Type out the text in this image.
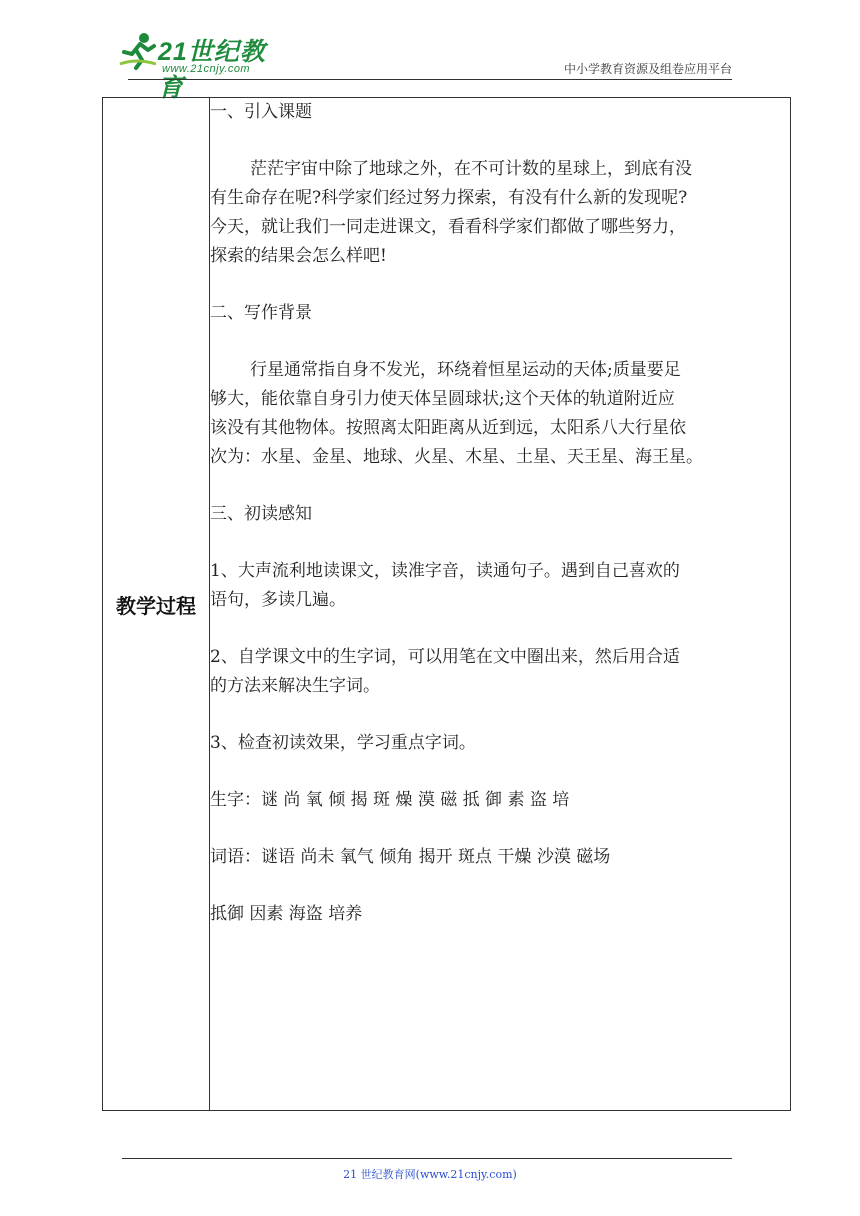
21世纪教育
www.21cnjy.com	中小学教育资源及组卷应用平台
教学过程	
一、引入课题
茫茫宇宙中除了地球之外，在不可计数的星球上，到底有没
有生命存在呢?科学家们经过努力探索，有没有什么新的发现呢?
今天，就让我们一同走进课文，看看科学家们都做了哪些努力，
探索的结果会怎么样吧!
二、写作背景
行星通常指自身不发光，环绕着恒星运动的天体;质量要足
够大，能依靠自身引力使天体呈圆球状;这个天体的轨道附近应
该没有其他物体。按照离太阳距离从近到远，太阳系八大行星依
次为：水星、金星、地球、火星、木星、土星、天王星、海王星。
三、初读感知
1、大声流利地读课文，读准字音，读通句子。遇到自己喜欢的
语句，多读几遍。
2、自学课文中的生字词，可以用笔在文中圈出来，然后用合适
的方法来解决生字词。
3、检查初读效果，学习重点字词。
生字：谜 尚 氧 倾 揭 斑 燥 漠 磁 抵 御 素 盗 培
词语：谜语 尚未 氧气 倾角 揭开 斑点 干燥 沙漠 磁场
抵御 因素 海盗 培养
21 世纪教育网(www.21cnjy.com)
